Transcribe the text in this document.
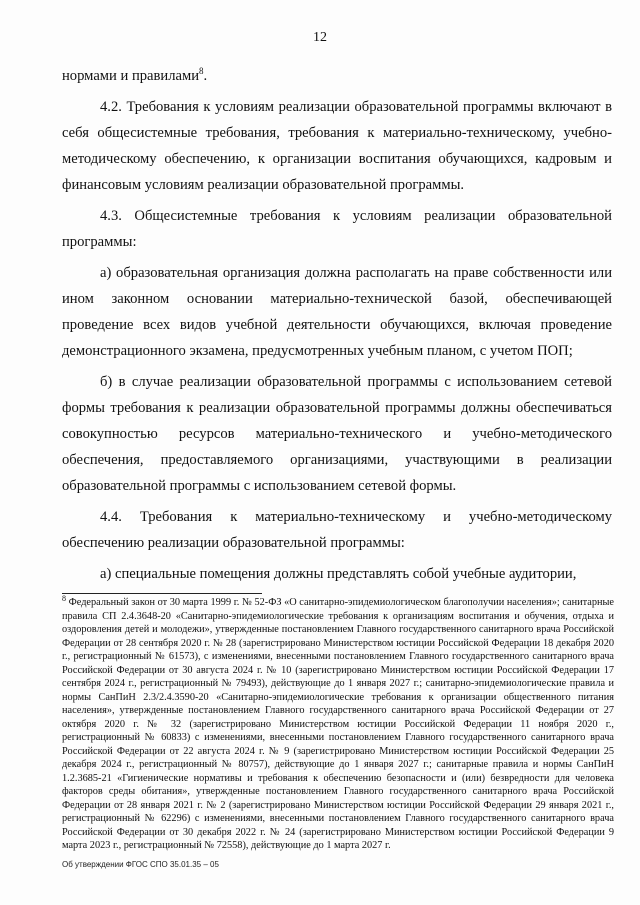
12

нормами и правилами$^8$.

4.2. Требования к условиям реализации образовательной программы включают в себя общесистемные требования, требования к материально-техническому, учебно-методическому обеспечению, к организации воспитания обучающихся, кадровым и финансовым условиям реализации образовательной программы.

4.3. Общесистемные требования к условиям реализации образовательной программы:

а) образовательная организация должна располагать на праве собственности или ином законном основании материально-технической базой, обеспечивающей проведение всех видов учебной деятельности обучающихся, включая проведение демонстрационного экзамена, предусмотренных учебным планом, с учетом ПОП;

б) в случае реализации образовательной программы с использованием сетевой формы требования к реализации образовательной программы должны обеспечиваться совокупностью ресурсов материально-технического и учебно-методического обеспечения, предоставляемого организациями, участвующими в реализации образовательной программы с использованием сетевой формы.

4.4. Требования к материально-техническому и учебно-методическому обеспечению реализации образовательной программы:

а) специальные помещения должны представлять собой учебные аудитории,

$^8$ Федеральный закон от 30 марта 1999 г. № 52-ФЗ «О санитарно-эпидемиологическом благополучии населения»; санитарные правила СП 2.4.3648-20 «Санитарно-эпидемиологические требования к организациям воспитания и обучения, отдыха и оздоровления детей и молодежи», утвержденные постановлением Главного государственного санитарного врача Российской Федерации от 28 сентября 2020 г. № 28 (зарегистрировано Министерством юстиции Российской Федерации 18 декабря 2020 г., регистрационный № 61573), с изменениями, внесенными постановлением Главного государственного санитарного врача Российской Федерации от 30 августа 2024 г. № 10 (зарегистрировано Министерством юстиции Российской Федерации 17 сентября 2024 г., регистрационный № 79493), действующие до 1 января 2027 г.; санитарно-эпидемиологические правила и нормы СанПиН 2.3/2.4.3590-20 «Санитарно-эпидемиологические требования к организации общественного питания населения», утвержденные постановлением Главного государственного санитарного врача Российской Федерации от 27 октября 2020 г. № 32 (зарегистрировано Министерством юстиции Российской Федерации 11 ноября 2020 г., регистрационный № 60833) с изменениями, внесенными постановлением Главного государственного санитарного врача Российской Федерации от 22 августа 2024 г. № 9 (зарегистрировано Министерством юстиции Российской Федерации 25 декабря 2024 г., регистрационный № 80757), действующие до 1 января 2027 г.; санитарные правила и нормы СанПиН 1.2.3685-21 «Гигиенические нормативы и требования к обеспечению безопасности и (или) безвредности для человека факторов среды обитания», утвержденные постановлением Главного государственного санитарного врача Российской Федерации от 28 января 2021 г. № 2 (зарегистрировано Министерством юстиции Российской Федерации 29 января 2021 г., регистрационный № 62296) с изменениями, внесенными постановлением Главного государственного санитарного врача Российской Федерации от 30 декабря 2022 г. № 24 (зарегистрировано Министерством юстиции Российской Федерации 9 марта 2023 г., регистрационный № 72558), действующие до 1 марта 2027 г.
Об утверждении ФГОС СПО 35.01.35 – 05
